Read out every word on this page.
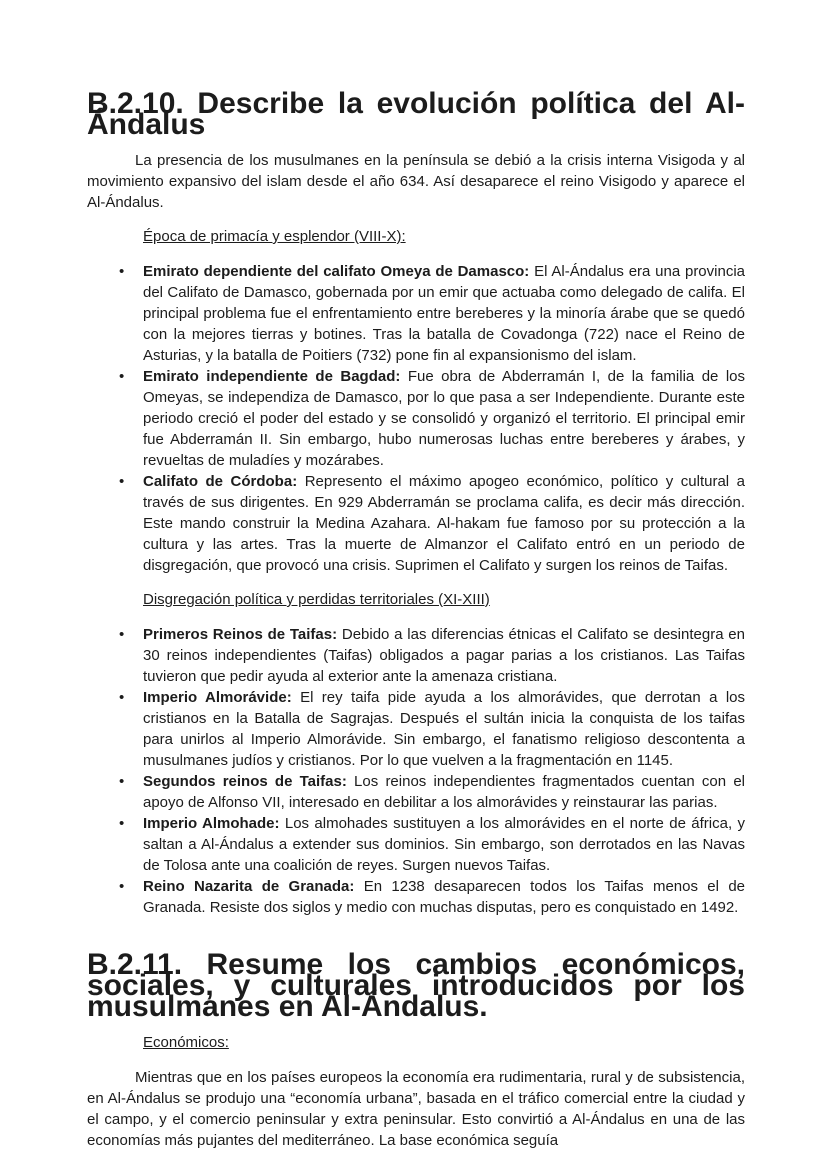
B.2.10. Describe la evolución política del Al-Ándalus

La presencia de los musulmanes en la península se debió a la crisis interna Visigoda y al movimiento expansivo del islam desde el año 634. Así desaparece el reino Visigodo y aparece el Al-Ándalus.

Época de primacía y esplendor (VIII-X):

• Emirato dependiente del califato Omeya de Damasco: El Al-Ándalus era una provincia del Califato de Damasco, gobernada por un emir que actuaba como delegado de califa. El principal problema fue el enfrentamiento entre bereberes y la minoría árabe que se quedó con la mejores tierras y botines. Tras la batalla de Covadonga (722) nace el Reino de Asturias, y la batalla de Poitiers (732) pone fin al expansionismo del islam.
• Emirato independiente de Bagdad: Fue obra de Abderramán I, de la familia de los Omeyas, se independiza de Damasco, por lo que pasa a ser Independiente. Durante este periodo creció el poder del estado y se consolidó y organizó el territorio. El principal emir fue Abderramán II. Sin embargo, hubo numerosas luchas entre bereberes y árabes, y revueltas de muladíes y mozárabes.
• Califato de Córdoba: Represento el máximo apogeo económico, político y cultural a través de sus dirigentes. En 929 Abderramán se proclama califa, es decir más dirección. Este mando construir la Medina Azahara. Al-hakam fue famoso por su protección a la cultura y las artes. Tras la muerte de Almanzor el Califato entró en un periodo de disgregación, que provocó una crisis. Suprimen el Califato y surgen los reinos de Taifas.

Disgregación política y perdidas territoriales (XI-XIII)

• Primeros Reinos de Taifas: Debido a las diferencias étnicas el Califato se desintegra en 30 reinos independientes (Taifas) obligados a pagar parias a los cristianos. Las Taifas tuvieron que pedir ayuda al exterior ante la amenaza cristiana.
• Imperio Almorávide: El rey taifa pide ayuda a los almorávides, que derrotan a los cristianos en la Batalla de Sagrajas. Después el sultán inicia la conquista de los taifas para unirlos al Imperio Almorávide. Sin embargo, el fanatismo religioso descontenta a musulmanes judíos y cristianos. Por lo que vuelven a la fragmentación en 1145.
• Segundos reinos de Taifas: Los reinos independientes fragmentados cuentan con el apoyo de Alfonso VII, interesado en debilitar a los almorávides y reinstaurar las parias.
• Imperio Almohade: Los almohades sustituyen a los almorávides en el norte de áfrica, y saltan a Al-Ándalus a extender sus dominios. Sin embargo, son derrotados en las Navas de Tolosa ante una coalición de reyes. Surgen nuevos Taifas.
• Reino Nazarita de Granada: En 1238 desaparecen todos los Taifas menos el de Granada. Resiste dos siglos y medio con muchas disputas, pero es conquistado en 1492.
B.2.11. Resume los cambios económicos, sociales, y culturales introducidos por los musulmanes en Al-Ándalus.

Económicos:

Mientras que en los países europeos la economía era rudimentaria, rural y de subsistencia, en Al-Ándalus se produjo una “economía urbana”, basada en el tráfico comercial entre la ciudad y el campo, y el comercio peninsular y extra peninsular. Esto convirtió a Al-Ándalus en una de las economías más pujantes del mediterráneo. La base económica seguía
